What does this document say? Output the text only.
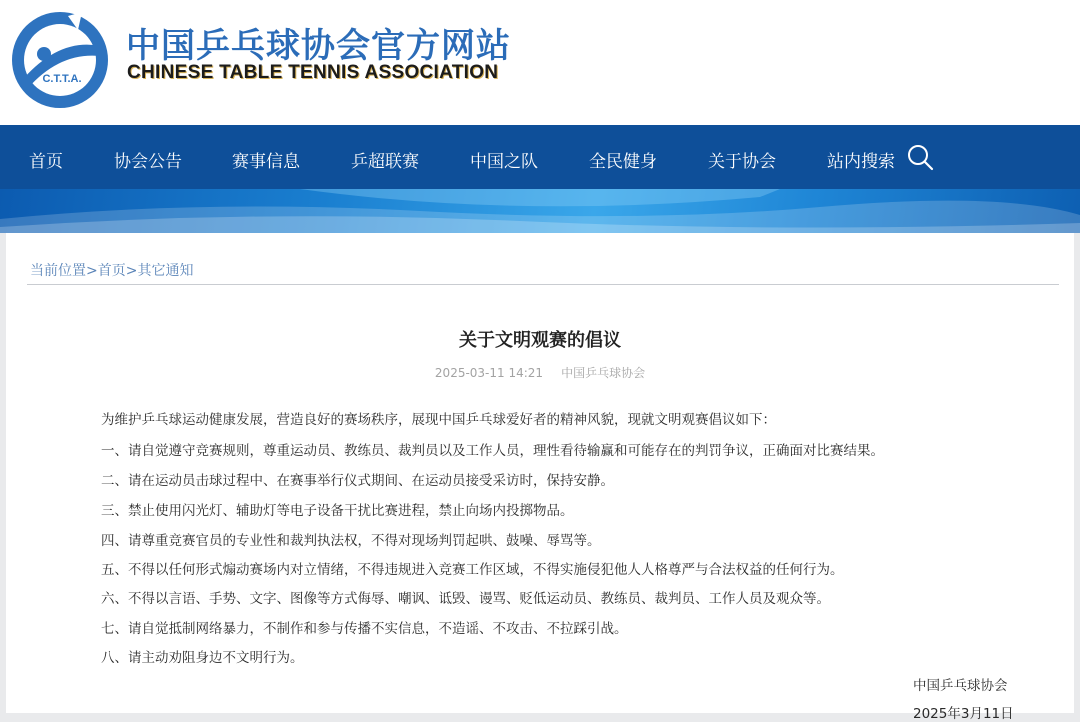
C.T.T.A.
中国乒乓球协会官方网站
CHINESE TABLE TENNIS ASSOCIATION
首页	协会公告	赛事信息	乒超联赛	中国之队	全民健身	关于协会	站内搜索
当前位置>首页>其它通知
关于文明观赛的倡议
2025-03-11 14:21 中国乒乓球协会
为维护乒乓球运动健康发展，营造良好的赛场秩序，展现中国乒乓球爱好者的精神风貌，现就文明观赛倡议如下：
一、请自觉遵守竞赛规则，尊重运动员、教练员、裁判员以及工作人员，理性看待输赢和可能存在的判罚争议，正确面对比赛结果。
二、请在运动员击球过程中、在赛事举行仪式期间、在运动员接受采访时，保持安静。
三、禁止使用闪光灯、辅助灯等电子设备干扰比赛进程，禁止向场内投掷物品。
四、请尊重竞赛官员的专业性和裁判执法权，不得对现场判罚起哄、鼓噪、辱骂等。
五、不得以任何形式煽动赛场内对立情绪，不得违规进入竞赛工作区域，不得实施侵犯他人人格尊严与合法权益的任何行为。
六、不得以言语、手势、文字、图像等方式侮辱、嘲讽、诋毁、谩骂、贬低运动员、教练员、裁判员、工作人员及观众等。
七、请自觉抵制网络暴力，不制作和参与传播不实信息，不造谣、不攻击、不拉踩引战。
八、请主动劝阻身边不文明行为。
中国乒乓球协会
2025年3月11日
